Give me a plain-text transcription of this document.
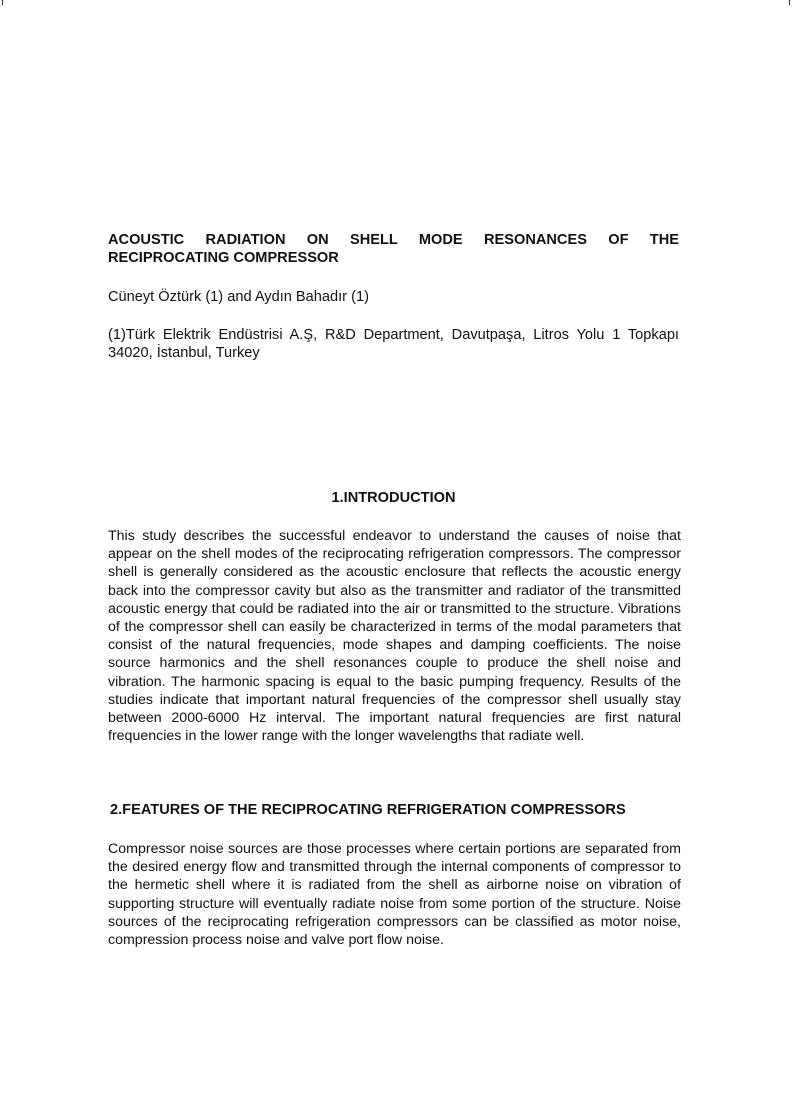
ACOUSTIC RADIATION ON SHELL MODE RESONANCES OF THE RECIPROCATING COMPRESSOR

Cüneyt Öztürk (1) and Aydın Bahadır (1)

(1)Türk Elektrik Endüstrisi A.Ş, R&D Department, Davutpaşa, Litros Yolu 1 Topkapı 34020, İstanbul, Turkey

1.INTRODUCTION

This study describes the successful endeavor to understand the causes of noise that appear on the shell modes of the reciprocating refrigeration compressors. The compressor shell is generally considered as the acoustic enclosure that reflects the acoustic energy back into the compressor cavity but also as the transmitter and radiator of the transmitted acoustic energy that could be radiated into the air or transmitted to the structure. Vibrations of the compressor shell can easily be characterized in terms of the modal parameters that consist of the natural frequencies, mode shapes and damping coefficients. The noise source harmonics and the shell resonances couple to produce the shell noise and vibration. The harmonic spacing is equal to the basic pumping frequency. Results of the studies indicate that important natural frequencies of the compressor shell usually stay between 2000-6000 Hz interval. The important natural frequencies are first natural frequencies in the lower range with the longer wavelengths that radiate well.

2.FEATURES OF THE RECIPROCATING REFRIGERATION COMPRESSORS

Compressor noise sources are those processes where certain portions are separated from the desired energy flow and transmitted through the internal components of compressor to the hermetic shell where it is radiated from the shell as airborne noise on vibration of supporting structure will eventually radiate noise from some portion of the structure. Noise sources of the reciprocating refrigeration compressors can be classified as motor noise, compression process noise and valve port flow noise.
